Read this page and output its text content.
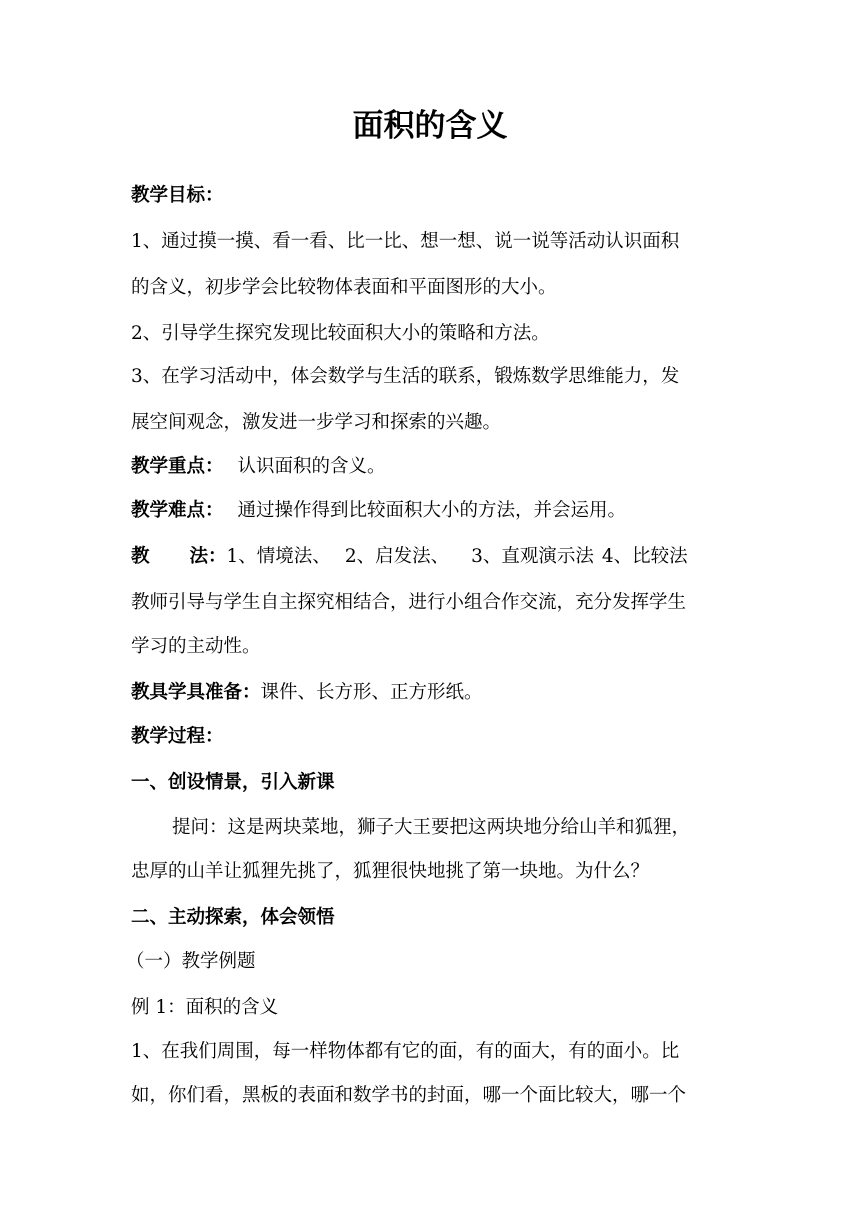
面积的含义
教学目标：
1、通过摸一摸、看一看、比一比、想一想、说一说等活动认识面积
的含义，初步学会比较物体表面和平面图形的大小。
2、引导学生探究发现比较面积大小的策略和方法。
3、在学习活动中，体会数学与生活的联系，锻炼数学思维能力，发
展空间观念，激发进一步学习和探索的兴趣。
教学重点： 认识面积的含义。
教学难点： 通过操作得到比较面积大小的方法，并会运用。
教 法：1、情境法、 2、启发法、 3、直观演示法 4、比较法
教师引导与学生自主探究相结合，进行小组合作交流，充分发挥学生
学习的主动性。
教具学具准备：课件、长方形、正方形纸。
教学过程：
一、创设情景，引入新课
提问：这是两块菜地，狮子大王要把这两块地分给山羊和狐狸，
忠厚的山羊让狐狸先挑了，狐狸很快地挑了第一块地。为什么？
二、主动探索，体会领悟
（一）教学例题
例 1：面积的含义
1、在我们周围，每一样物体都有它的面，有的面大，有的面小。比
如，你们看，黑板的表面和数学书的封面，哪一个面比较大，哪一个
